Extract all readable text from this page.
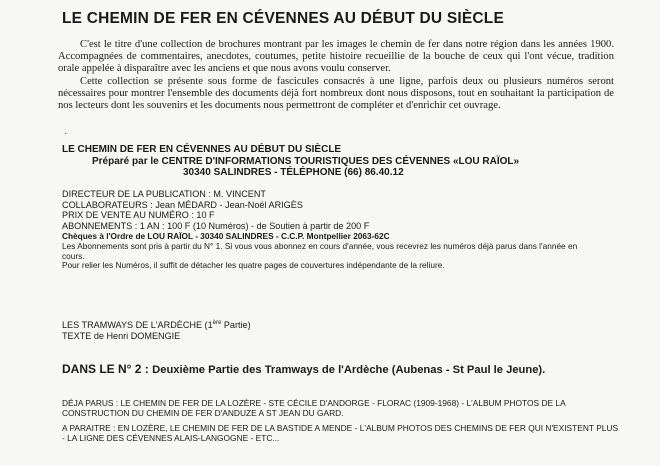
LE CHEMIN DE FER EN CÉVENNES AU DÉBUT DU SIÈCLE

C'est le titre d'une collection de brochures montrant par les images le chemin de fer dans notre région dans les années 1900. Accompagnées de commentaires, anecdotes, coutumes, petite histoire recueillie de la bouche de ceux qui l'ont vécue, tradition orale appelée à disparaître avec les anciens et que nous avons voulu conserver.

Cette collection se présente sous forme de fascicules consacrés à une ligne, parfois deux ou plusieurs numéros seront nécessaires pour montrer l'ensemble des documents déjà fort nombreux dont nous disposons, tout en souhaitant la participation de nos lecteurs dont les souvenirs et les documents nous permettront de compléter et d'enrichir cet ouvrage.

·
LE CHEMIN DE FER EN CÉVENNES AU DÉBUT DU SIÈCLE
Préparé par le CENTRE D'INFORMATIONS TOURISTIQUES DES CÉVENNES «LOU RAÏOL»
30340 SALINDRES - TÉLÉPHONE (66) 86.40.12
DIRECTEUR DE LA PUBLICATION : M. VINCENT
COLLABORATEURS : Jean MÉDARD - Jean-Noël ARIGÈS
PRIX DE VENTE AU NUMÉRO : 10 F
ABONNEMENTS : 1 AN : 100 F (10 Numéros) - de Soutien à partir de 200 F
Chèques à l'Ordre de LOU RAÏOL - 30340 SALINDRES - C.C.P. Montpellier 2063-62C
Les Abonnements sont pris à partir du N° 1. Si vous vous abonnez en cours d'année, vous recevrez les numéros déjà parus dans l'année en cours.
Pour relier les Numéros, il suffit de détacher les quatre pages de couvertures indépendante de la reliure.
LES TRAMWAYS DE L'ARDÈCHE (1ère Partie)
TEXTE de Henri DOMENGIE
DANS LE N° 2 : Deuxième Partie des Tramways de l'Ardèche (Aubenas - St Paul le Jeune).
DÉJA PARUS : LE CHEMIN DE FER DE LA LOZÈRE - STE CÉCILE D'ANDORGE - FLORAC (1909-1968) - L'ALBUM PHOTOS DE LA CONSTRUCTION DU CHEMIN DE FER D'ANDUZE A ST JEAN DU GARD.
A PARAITRE : EN LOZÈRE, LE CHEMIN DE FER DE LA BASTIDE A MENDE - L'ALBUM PHOTOS DES CHEMINS DE FER QUI N'EXISTENT PLUS - LA LIGNE DES CÉVENNES ALAIS-LANGOGNE - ETC...
